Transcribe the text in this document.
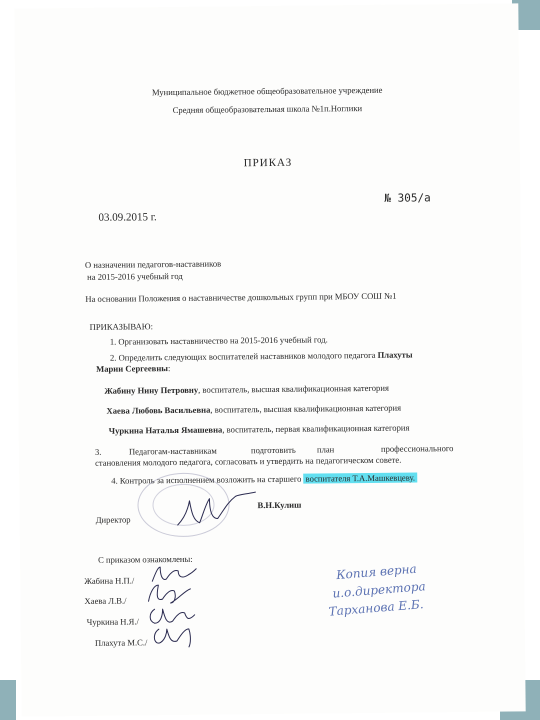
Муниципальное бюджетное общеобразовательное учреждение
Средняя общеобразовательная школа №1п.Ноглики
ПРИКАЗ
03.09.2015 г.
№ 305/а
О назначении педагогов-наставников
на 2015-2016 учебный год
На основании Положения о наставничестве дошкольных групп при МБОУ СОШ №1
ПРИКАЗЫВАЮ:
1. Организовать наставничество на 2015-2016 учебный год.
2. Определить следующих воспитателей наставников молодого педагога Плахуты
Марии Сергеевны:
Жабину Нину Петровну, воспитатель, высшая квалификационная категория
Хаева Любовь Васильевна, воспитатель, высшая квалификационная категория
Чуркина Наталья Ямашевна, воспитатель, первая квалификационная категория
3.	Педагогам-наставникам	подготовить план	профессионального
становления молодого педагога, согласовать и утвердить на педагогическом совете.
4. Контроль за исполнением возложить на старшего воспитателя Т.А.Машкевцеву.
Директор
В.Н.Кулиш
С приказом ознакомлены:
Жабина Н.П./
Хаева Л.В./
Чуркина Н.Я./
Плахута М.С./
Копия верна
и.о.директора
Тарханова Е.Б.
